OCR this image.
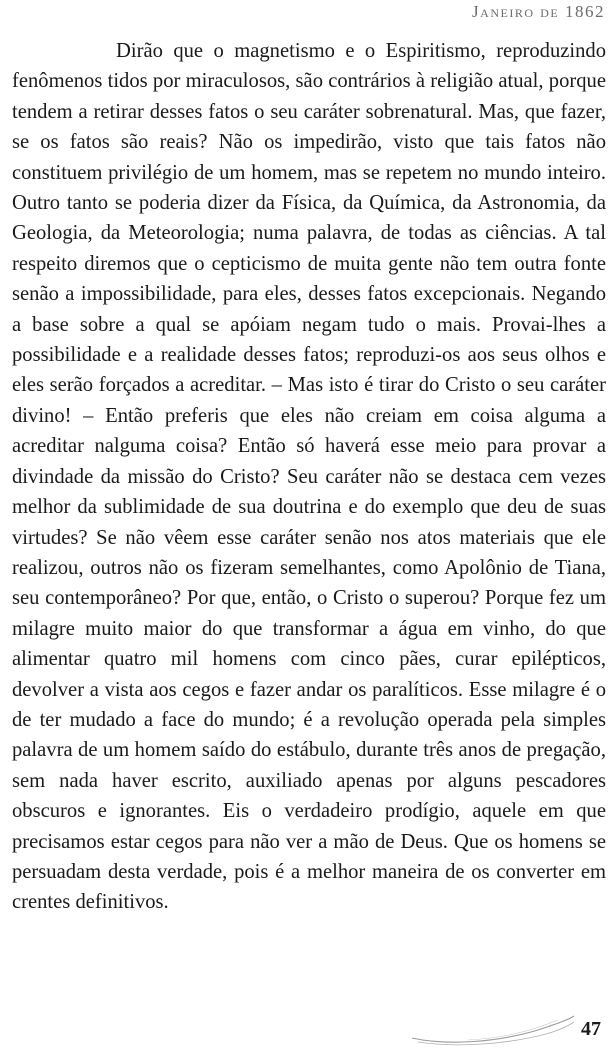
Janeiro de 1862

Dirão que o magnetismo e o Espiritismo, reproduzindo fenômenos tidos por miraculosos, são contrários à religião atual, porque tendem a retirar desses fatos o seu caráter sobrenatural. Mas, que fazer, se os fatos são reais? Não os impedirão, visto que tais fatos não constituem privilégio de um homem, mas se repetem no mundo inteiro. Outro tanto se poderia dizer da Física, da Química, da Astronomia, da Geologia, da Meteorologia; numa palavra, de todas as ciências. A tal respeito diremos que o cepticismo de muita gente não tem outra fonte senão a impossibilidade, para eles, desses fatos excepcionais. Negando a base sobre a qual se apóiam negam tudo o mais. Provai-lhes a possibilidade e a realidade desses fatos; reproduzi-os aos seus olhos e eles serão forçados a acreditar. – Mas isto é tirar do Cristo o seu caráter divino! – Então preferis que eles não creiam em coisa alguma a acreditar nalguma coisa? Então só haverá esse meio para provar a divindade da missão do Cristo? Seu caráter não se destaca cem vezes melhor da sublimidade de sua doutrina e do exemplo que deu de suas virtudes? Se não vêem esse caráter senão nos atos materiais que ele realizou, outros não os fizeram semelhantes, como Apolônio de Tiana, seu contemporâneo? Por que, então, o Cristo o superou? Porque fez um milagre muito maior do que transformar a água em vinho, do que alimentar quatro mil homens com cinco pães, curar epilépticos, devolver a vista aos cegos e fazer andar os paralíticos. Esse milagre é o de ter mudado a face do mundo; é a revolução operada pela simples palavra de um homem saído do estábulo, durante três anos de pregação, sem nada haver escrito, auxiliado apenas por alguns pescadores obscuros e ignorantes. Eis o verdadeiro prodígio, aquele em que precisamos estar cegos para não ver a mão de Deus. Que os homens se persuadam desta verdade, pois é a melhor maneira de os converter em crentes definitivos.

47
